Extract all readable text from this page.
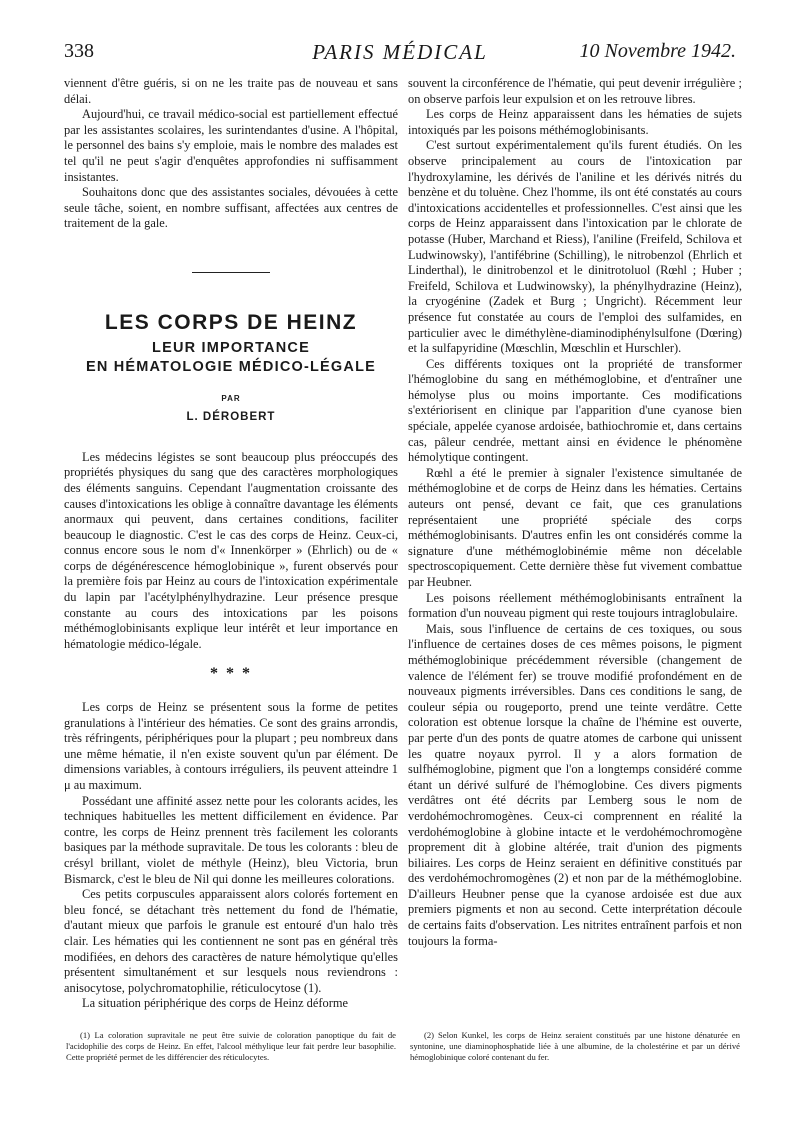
338	PARIS MÉDICAL	10 Novembre 1942.

viennent d'être guéris, si on ne les traite pas de nouveau et sans délai.

Aujourd'hui, ce travail médico-social est partiellement effectué par les assistantes scolaires, les surintendantes d'usine. A l'hôpital, le personnel des bains s'y emploie, mais le nombre des malades est tel qu'il ne peut s'agir d'enquêtes approfondies ni suffisamment insistantes.

Souhaitons donc que des assistantes sociales, dévouées à cette seule tâche, soient, en nombre suffisant, affectées aux centres de traitement de la gale.

LES CORPS DE HEINZ
LEUR IMPORTANCE
EN HÉMATOLOGIE MÉDICO-LÉGALE
PAR
L. DÉROBERT

Les médecins légistes se sont beaucoup plus préoccupés des propriétés physiques du sang que des caractères morphologiques des éléments sanguins. Cependant l'augmentation croissante des causes d'intoxications les oblige à connaître davantage les éléments anormaux qui peuvent, dans certaines conditions, faciliter beaucoup le diagnostic. C'est le cas des corps de Heinz. Ceux-ci, connus encore sous le nom d'« Innenkörper » (Ehrlich) ou de « corps de dégénérescence hémoglobinique », furent observés pour la première fois par Heinz au cours de l'intoxication expérimentale du lapin par l'acétylphénylhydrazine. Leur présence presque constante au cours des intoxications par les poisons méthémoglobinisants explique leur intérêt et leur importance en hématologie médico-légale.

* * *

Les corps de Heinz se présentent sous la forme de petites granulations à l'intérieur des hématies. Ce sont des grains arrondis, très réfringents, périphériques pour la plupart ; peu nombreux dans une même hématie, il n'en existe souvent qu'un par élément. De dimensions variables, à contours irréguliers, ils peuvent atteindre 1 μ au maximum.

Possédant une affinité assez nette pour les colorants acides, les techniques habituelles les mettent difficilement en évidence. Par contre, les corps de Heinz prennent très facilement les colorants basiques par la méthode supravitale. De tous les colorants : bleu de crésyl brillant, violet de méthyle (Heinz), bleu Victoria, brun Bismarck, c'est le bleu de Nil qui donne les meilleures colorations.

Ces petits corpuscules apparaissent alors colorés fortement en bleu foncé, se détachant très nettement du fond de l'hématie, d'autant mieux que parfois le granule est entouré d'un halo très clair. Les hématies qui les contiennent ne sont pas en général très modifiées, en dehors des caractères de nature hémolytique qu'elles présentent simultanément et sur lesquels nous reviendrons : anisocytose, polychromatophilie, réticulocytose (1).

La situation périphérique des corps de Heinz déforme

souvent la circonférence de l'hématie, qui peut devenir irrégulière ; on observe parfois leur expulsion et on les retrouve libres.

Les corps de Heinz apparaissent dans les hématies de sujets intoxiqués par les poisons méthémoglobinisants.

C'est surtout expérimentalement qu'ils furent étudiés. On les observe principalement au cours de l'intoxication par l'hydroxylamine, les dérivés de l'aniline et les dérivés nitrés du benzène et du toluène. Chez l'homme, ils ont été constatés au cours d'intoxications accidentelles et professionnelles. C'est ainsi que les corps de Heinz apparaissent dans l'intoxication par le chlorate de potasse (Huber, Marchand et Riess), l'aniline (Freifeld, Schilova et Ludwinowsky), l'antifébrine (Schilling), le nitrobenzol (Ehrlich et Linderthal), le dinitrobenzol et le dinitrotoluol (Rœhl ; Huber ; Freifeld, Schilova et Ludwinowsky), la phénylhydrazine (Heinz), la cryogénine (Zadek et Burg ; Ungricht). Récemment leur présence fut constatée au cours de l'emploi des sulfamides, en particulier avec le diméthylène-diaminodiphénylsulfone (Dœring) et la sulfapyridine (Mœschlin, Mœschlin et Hurschler).

Ces différents toxiques ont la propriété de transformer l'hémoglobine du sang en méthémoglobine, et d'entraîner une hémolyse plus ou moins importante. Ces modifications s'extériorisent en clinique par l'apparition d'une cyanose bien spéciale, appelée cyanose ardoisée, bathiochromie et, dans certains cas, pâleur cendrée, mettant ainsi en évidence le phénomène hémolytique contingent.

Rœhl a été le premier à signaler l'existence simultanée de méthémoglobine et de corps de Heinz dans les hématies. Certains auteurs ont pensé, devant ce fait, que ces granulations représentaient une propriété spéciale des corps méthémoglobinisants. D'autres enfin les ont considérés comme la signature d'une méthémoglobinémie même non décelable spectroscopiquement. Cette dernière thèse fut vivement combattue par Heubner.

Les poisons réellement méthémoglobinisants entraînent la formation d'un nouveau pigment qui reste toujours intraglobulaire.

Mais, sous l'influence de certains de ces toxiques, ou sous l'influence de certaines doses de ces mêmes poisons, le pigment méthémoglobinique précédemment réversible (changement de valence de l'élément fer) se trouve modifié profondément en de nouveaux pigments irréversibles. Dans ces conditions le sang, de couleur sépia ou rougeporto, prend une teinte verdâtre. Cette coloration est obtenue lorsque la chaîne de l'hémine est ouverte, par perte d'un des ponts de quatre atomes de carbone qui unissent les quatre noyaux pyrrol. Il y a alors formation de sulfhémoglobine, pigment que l'on a longtemps considéré comme étant un dérivé sulfuré de l'hémoglobine. Ces divers pigments verdâtres ont été décrits par Lemberg sous le nom de verdohémochromogènes. Ceux-ci comprennent en réalité la verdohémoglobine à globine intacte et le verdohémochromogène proprement dit à globine altérée, trait d'union des pigments biliaires. Les corps de Heinz seraient en définitive constitués par des verdohémochromogènes (2) et non par de la méthémoglobine. D'ailleurs Heubner pense que la cyanose ardoisée est due aux premiers pigments et non au second. Cette interprétation découle de certains faits d'observation. Les nitrites entraînent parfois et non toujours la forma-

(1) La coloration supravitale ne peut être suivie de coloration panoptique du fait de l'acidophilie des corps de Heinz. En effet, l'alcool méthylique leur fait perdre leur basophilie. Cette propriété permet de les différencier des réticulocytes.

(2) Selon Kunkel, les corps de Heinz seraient constitués par une histone dénaturée en syntonine, une diaminophosphatide liée à une albumine, de la cholestérine et par un dérivé hémoglobinique coloré contenant du fer.
